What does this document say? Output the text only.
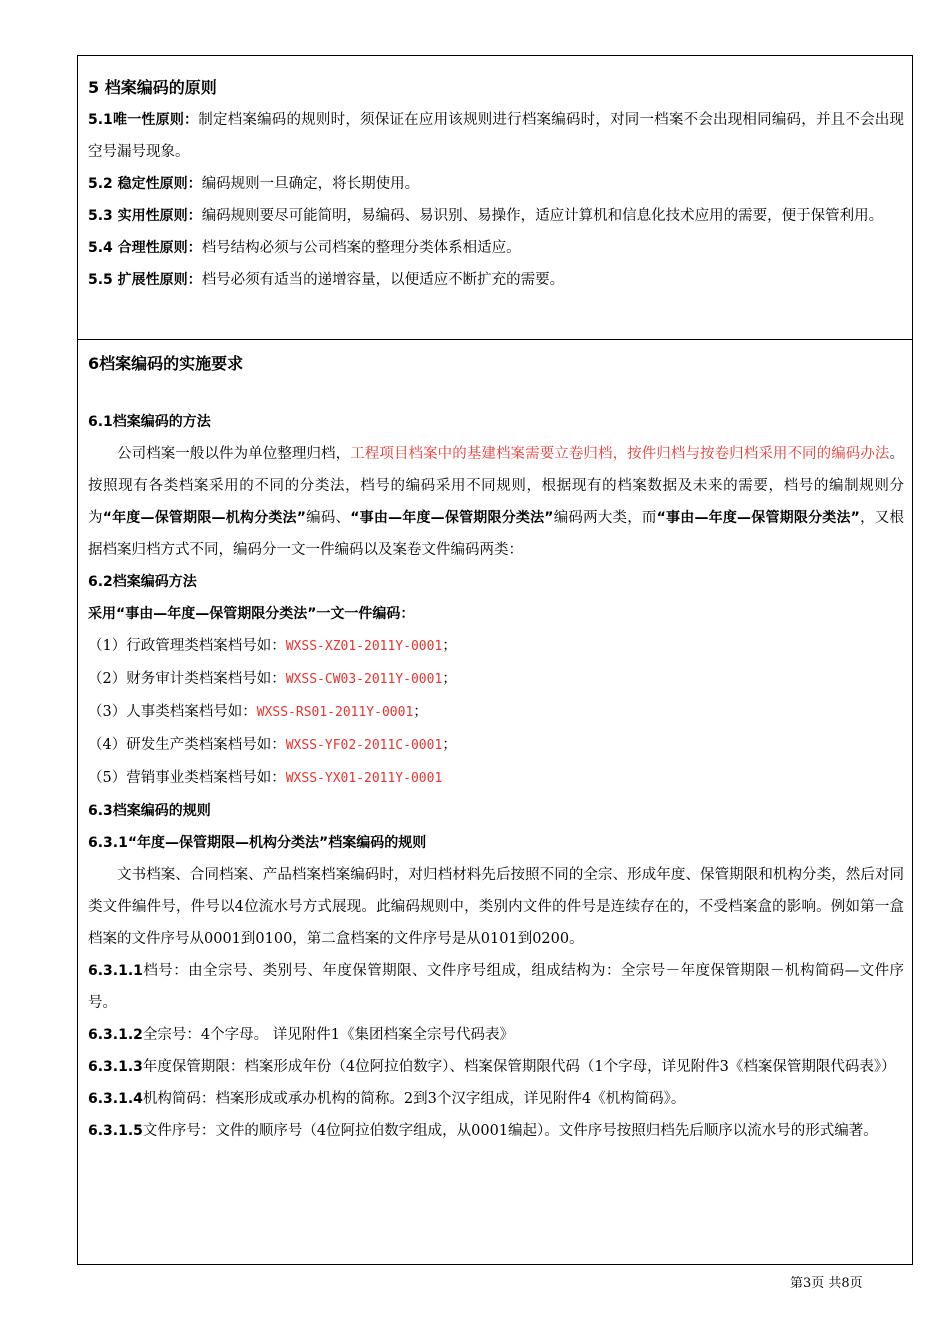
5 档案编码的原则
5.1唯一性原则：制定档案编码的规则时，须保证在应用该规则进行档案编码时，对同一档案不会出现相同编码，并且不会出现空号漏号现象。
5.2 稳定性原则：编码规则一旦确定，将长期使用。
5.3 实用性原则：编码规则要尽可能简明，易编码、易识别、易操作，适应计算机和信息化技术应用的需要，便于保管利用。
5.4 合理性原则：档号结构必须与公司档案的整理分类体系相适应。
5.5 扩展性原则：档号必须有适当的递增容量，以便适应不断扩充的需要。
6档案编码的实施要求
6.1档案编码的方法
公司档案一般以件为单位整理归档，工程项目档案中的基建档案需要立卷归档，按件归档与按卷归档采用不同的编码办法。按照现有各类档案采用的不同的分类法，档号的编码采用不同规则，根据现有的档案数据及未来的需要，档号的编制规则分为“年度—保管期限—机构分类法”编码、“事由—年度—保管期限分类法”编码两大类，而“事由—年度—保管期限分类法”，又根据档案归档方式不同，编码分一文一件编码以及案卷文件编码两类：
6.2档案编码方法
采用“事由—年度—保管期限分类法”一文一件编码：
（1）行政管理类档案档号如：WXSS-XZ01-2011Y-0001；
（2）财务审计类档案档号如：WXSS-CW03-2011Y-0001；
（3）人事类档案档号如：WXSS-RS01-2011Y-0001；
（4）研发生产类档案档号如：WXSS-YF02-2011C-0001；
（5）营销事业类档案档号如：WXSS-YX01-2011Y-0001
6.3档案编码的规则
6.3.1“年度—保管期限—机构分类法”档案编码的规则
文书档案、合同档案、产品档案档案编码时，对归档材料先后按照不同的全宗、形成年度、保管期限和机构分类，然后对同类文件编件号，件号以4位流水号方式展现。此编码规则中，类别内文件的件号是连续存在的，不受档案盒的影响。例如第一盒档案的文件序号从0001到0100，第二盒档案的文件序号是从0101到0200。
6.3.1.1档号：由全宗号、类别号、年度保管期限、文件序号组成，组成结构为：全宗号－年度保管期限－机构简码—文件序号。
6.3.1.2全宗号：4个字母。 详见附件1《集团档案全宗号代码表》
6.3.1.3年度保管期限：档案形成年份（4位阿拉伯数字）、档案保管期限代码（1个字母，详见附件3《档案保管期限代码表》）
6.3.1.4机构简码：档案形成或承办机构的简称。2到3个汉字组成，详见附件4《机构简码》。
6.3.1.5文件序号：文件的顺序号（4位阿拉伯数字组成，从0001编起）。文件序号按照归档先后顺序以流水号的形式编著。
第3页 共8页
